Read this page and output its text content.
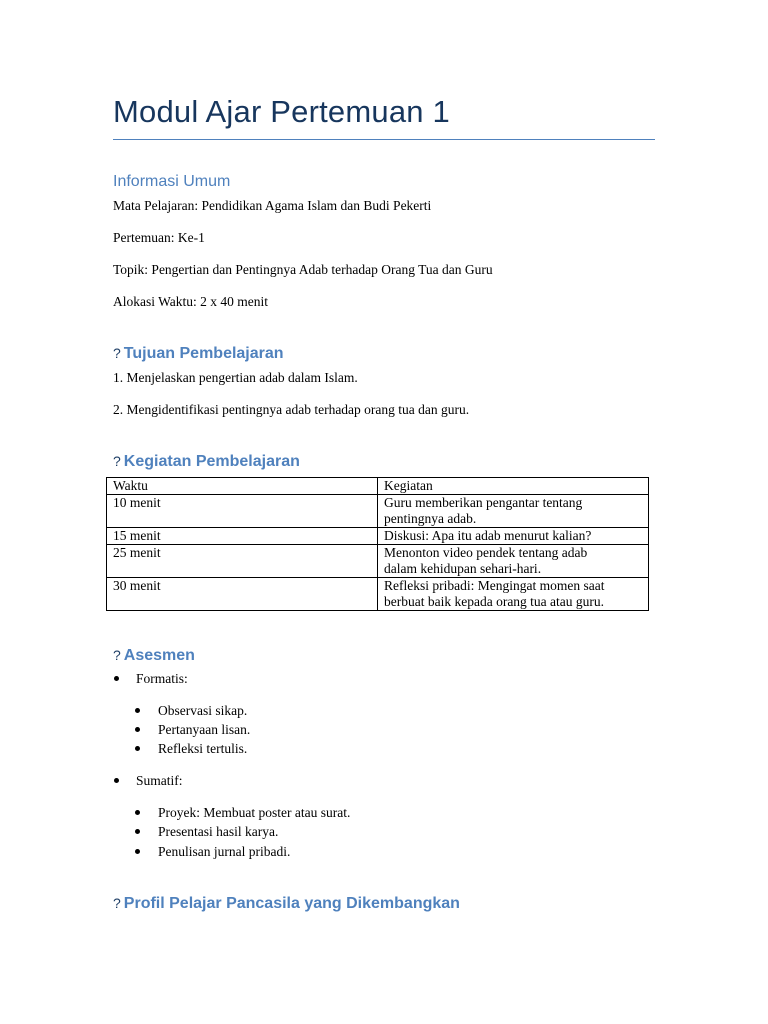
Modul Ajar Pertemuan 1
Informasi Umum
Mata Pelajaran: Pendidikan Agama Islam dan Budi Pekerti
Pertemuan: Ke-1
Topik: Pengertian dan Pentingnya Adab terhadap Orang Tua dan Guru
Alokasi Waktu: 2 x 40 menit
? Tujuan Pembelajaran
1. Menjelaskan pengertian adab dalam Islam.
2. Mengidentifikasi pentingnya adab terhadap orang tua dan guru.
? Kegiatan Pembelajaran
Waktu	Kegiatan
10 menit	Guru memberikan pengantar tentang
pentingnya adab.
15 menit	Diskusi: Apa itu adab menurut kalian?
25 menit	Menonton video pendek tentang adab
dalam kehidupan sehari-hari.
30 menit	Refleksi pribadi: Mengingat momen saat
berbuat baik kepada orang tua atau guru.
? Asesmen
Formatis:
Observasi sikap.
Pertanyaan lisan.
Refleksi tertulis.
Sumatif:
Proyek: Membuat poster atau surat.
Presentasi hasil karya.
Penulisan jurnal pribadi.
? Profil Pelajar Pancasila yang Dikembangkan
